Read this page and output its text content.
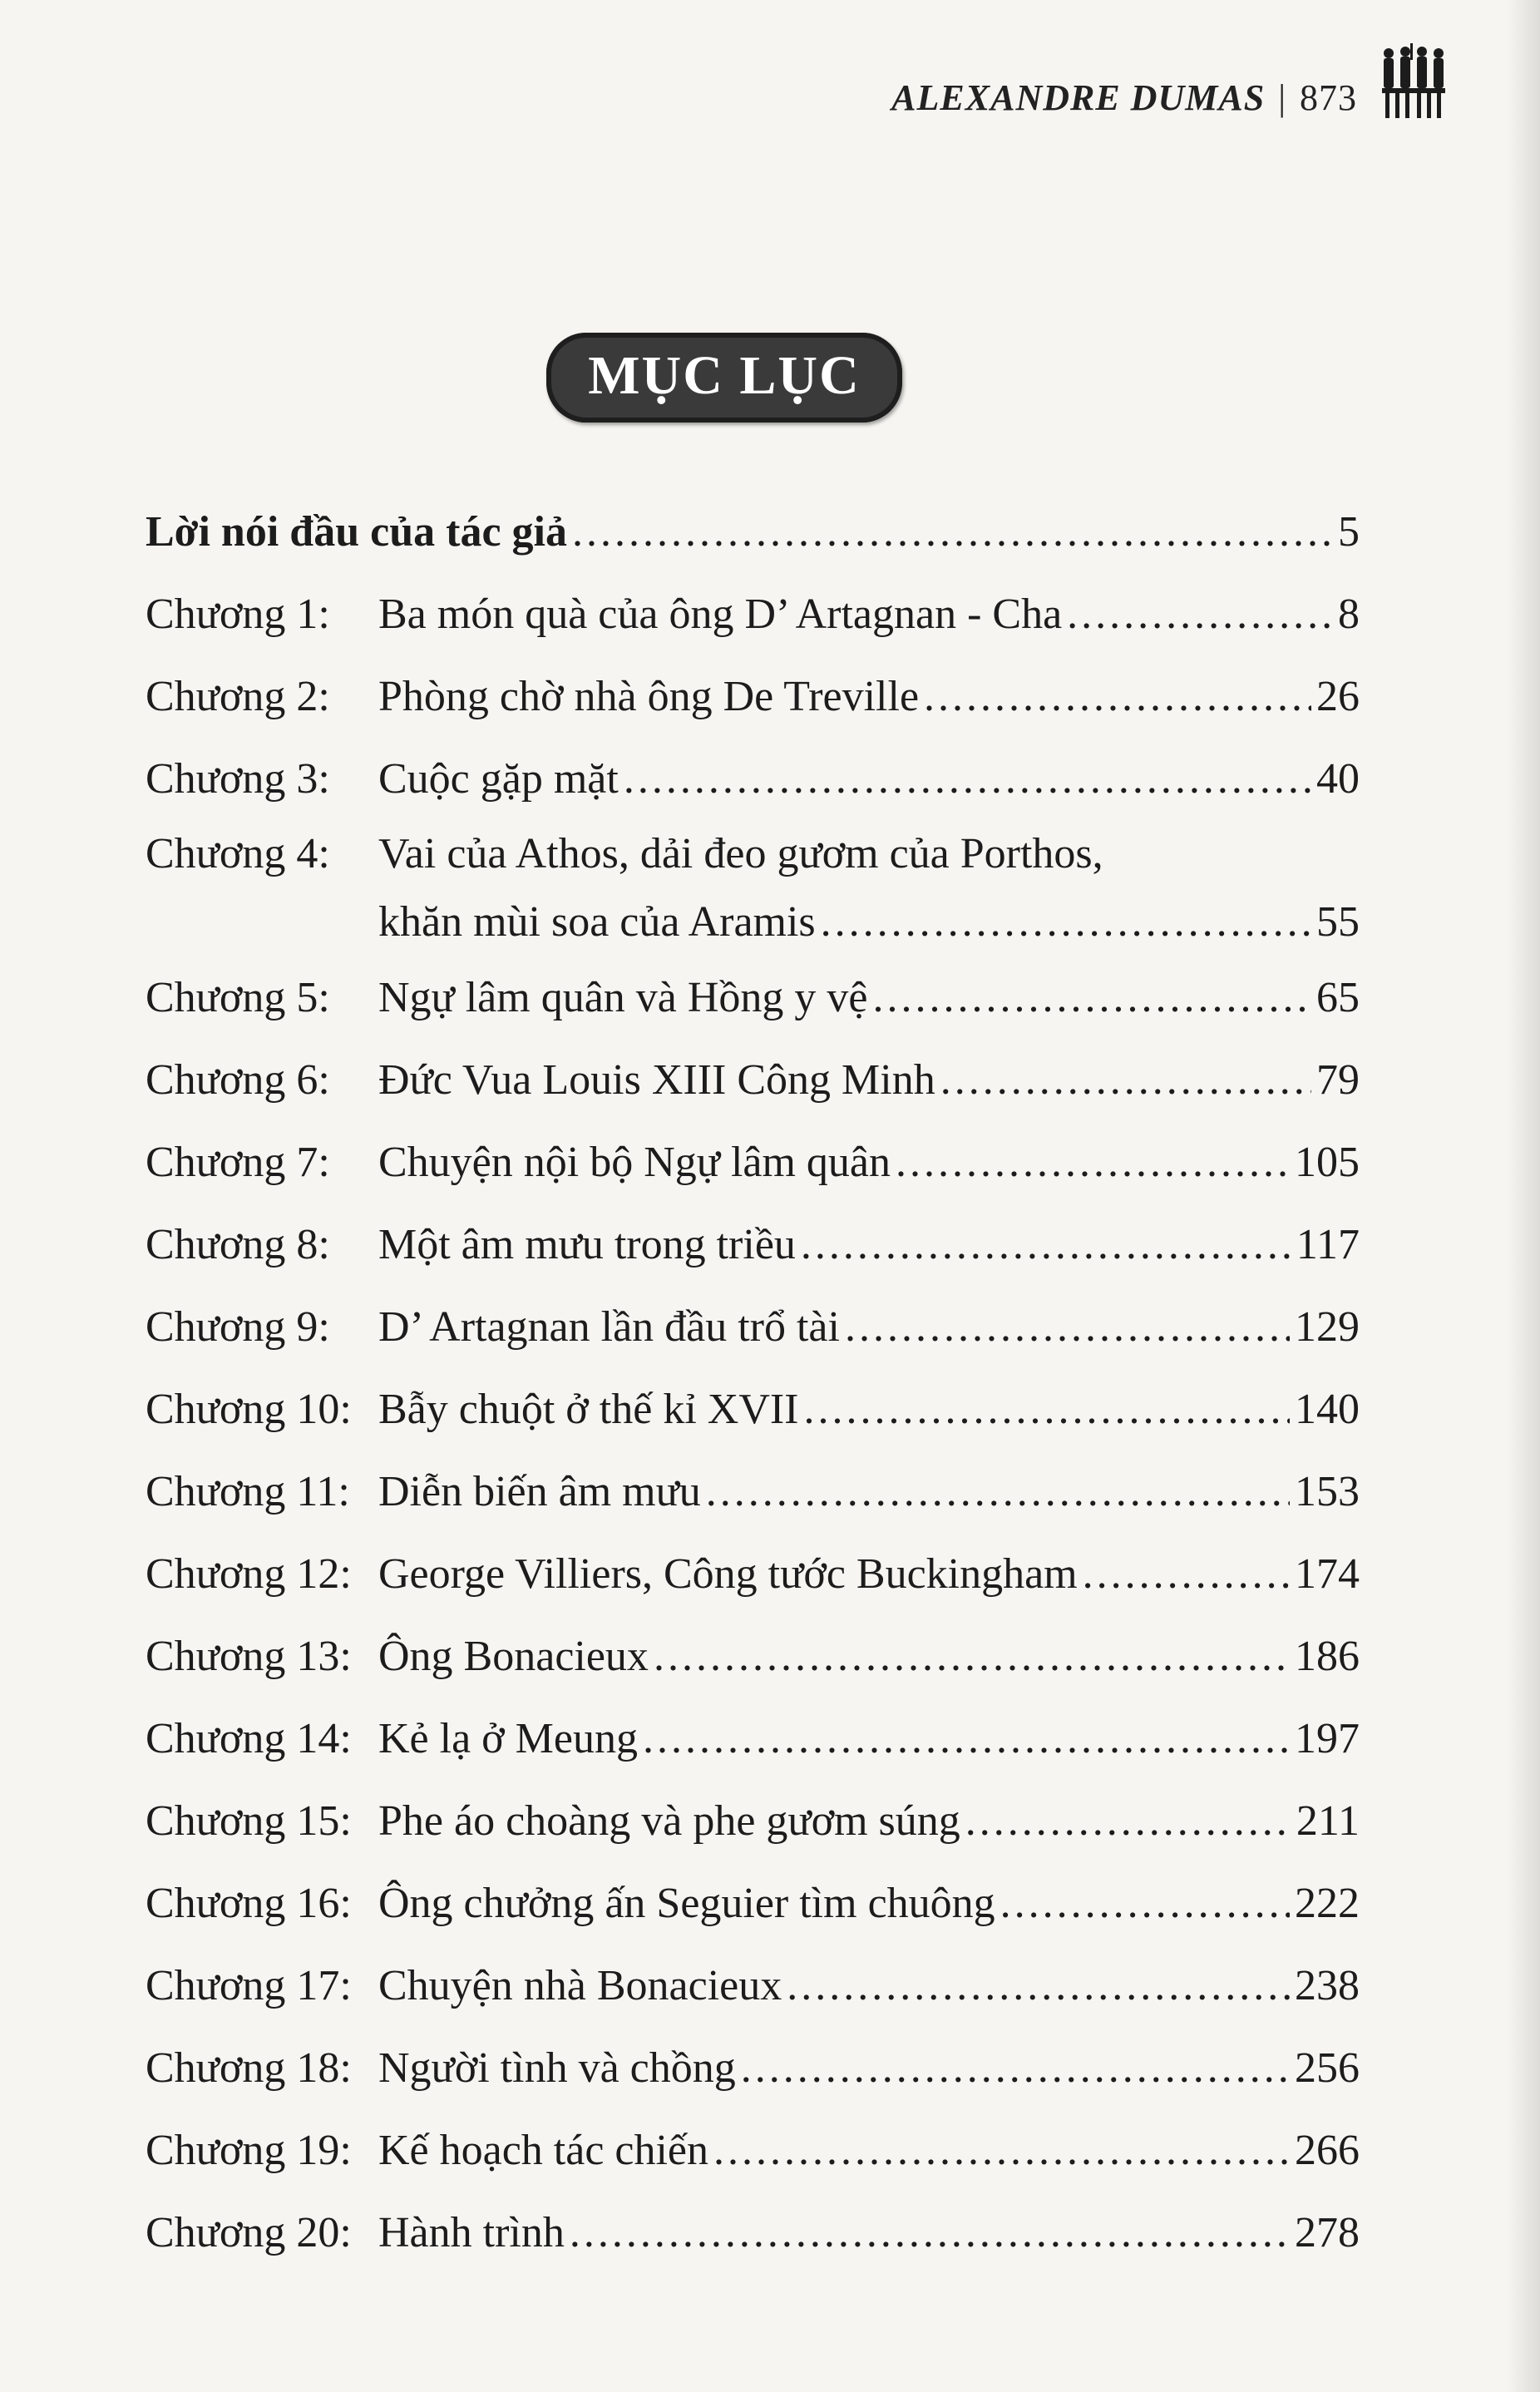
ALEXANDRE DUMAS | 873
MỤC LỤC
Lời nói đầu của tác giả .....	5
Chương 1:	Ba món quà của ông D’ Artagnan - Cha .....	8
Chương 2:	Phòng chờ nhà ông De Treville .....	26
Chương 3:	Cuộc gặp mặt .....	40
Chương 4:	Vai của Athos, dải đeo gươm của Porthos,
khăn mùi soa của Aramis .....	55
Chương 5:	Ngự lâm quân và Hồng y vệ .....	65
Chương 6:	Đức Vua Louis XIII Công Minh .....	79
Chương 7:	Chuyện nội bộ Ngự lâm quân .....	105
Chương 8:	Một âm mưu trong triều .....	117
Chương 9:	D’ Artagnan lần đầu trổ tài .....	129
Chương 10: Bẫy chuột ở thế kỉ XVII .....	140
Chương 11: Diễn biến âm mưu .....	153
Chương 12: George Villiers, Công tước Buckingham .....	174
Chương 13: Ông Bonacieux .....	186
Chương 14: Kẻ lạ ở Meung .....	197
Chương 15: Phe áo choàng và phe gươm súng .....	211
Chương 16: Ông chưởng ấn Seguier tìm chuông .....	222
Chương 17: Chuyện nhà Bonacieux .....	238
Chương 18: Người tình và chồng .....	256
Chương 19: Kế hoạch tác chiến .....	266
Chương 20: Hành trình .....	278
